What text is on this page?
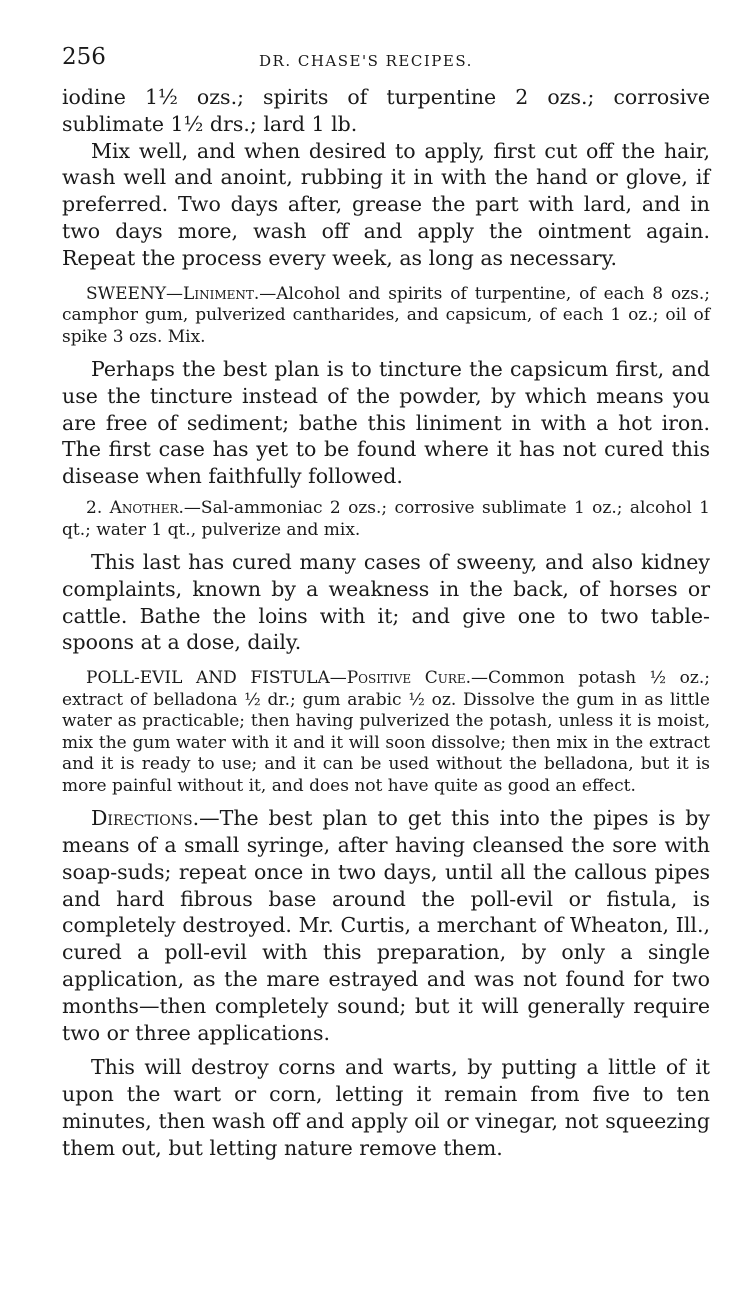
256	DR. CHASE'S RECIPES.

iodine 1½ ozs.; spirits of turpentine 2 ozs.; corrosive sublimate 1½ drs.; lard 1 lb.

Mix well, and when desired to apply, first cut off the hair, wash well and anoint, rubbing it in with the hand or glove, if preferred. Two days after, grease the part with lard, and in two days more, wash off and apply the ointment again. Repeat the process every week, as long as necessary.

SWEENY—Liniment.—Alcohol and spirits of turpentine, of each 8 ozs.; camphor gum, pulverized cantharides, and capsicum, of each 1 oz.; oil of spike 3 ozs. Mix.

Perhaps the best plan is to tincture the capsicum first, and use the tincture instead of the powder, by which means you are free of sediment; bathe this liniment in with a hot iron. The first case has yet to be found where it has not cured this disease when faithfully followed.

2. Another.—Sal-ammoniac 2 ozs.; corrosive sublimate 1 oz.; alcohol 1 qt.; water 1 qt., pulverize and mix.

This last has cured many cases of sweeny, and also kidney complaints, known by a weakness in the back, of horses or cattle. Bathe the loins with it; and give one to two table-spoons at a dose, daily.

POLL-EVIL AND FISTULA—Positive Cure.—Common potash ½ oz.; extract of belladona ½ dr.; gum arabic ½ oz. Dissolve the gum in as little water as practicable; then having pulverized the potash, unless it is moist, mix the gum water with it and it will soon dissolve; then mix in the extract and it is ready to use; and it can be used without the belladona, but it is more painful without it, and does not have quite as good an effect.

Directions.—The best plan to get this into the pipes is by means of a small syringe, after having cleansed the sore with soap-suds; repeat once in two days, until all the callous pipes and hard fibrous base around the poll-evil or fistula, is completely destroyed. Mr. Curtis, a merchant of Wheaton, Ill., cured a poll-evil with this preparation, by only a single application, as the mare estrayed and was not found for two months—then completely sound; but it will generally require two or three applications.

This will destroy corns and warts, by putting a little of it upon the wart or corn, letting it remain from five to ten minutes, then wash off and apply oil or vinegar, not squeezing them out, but letting nature remove them.
